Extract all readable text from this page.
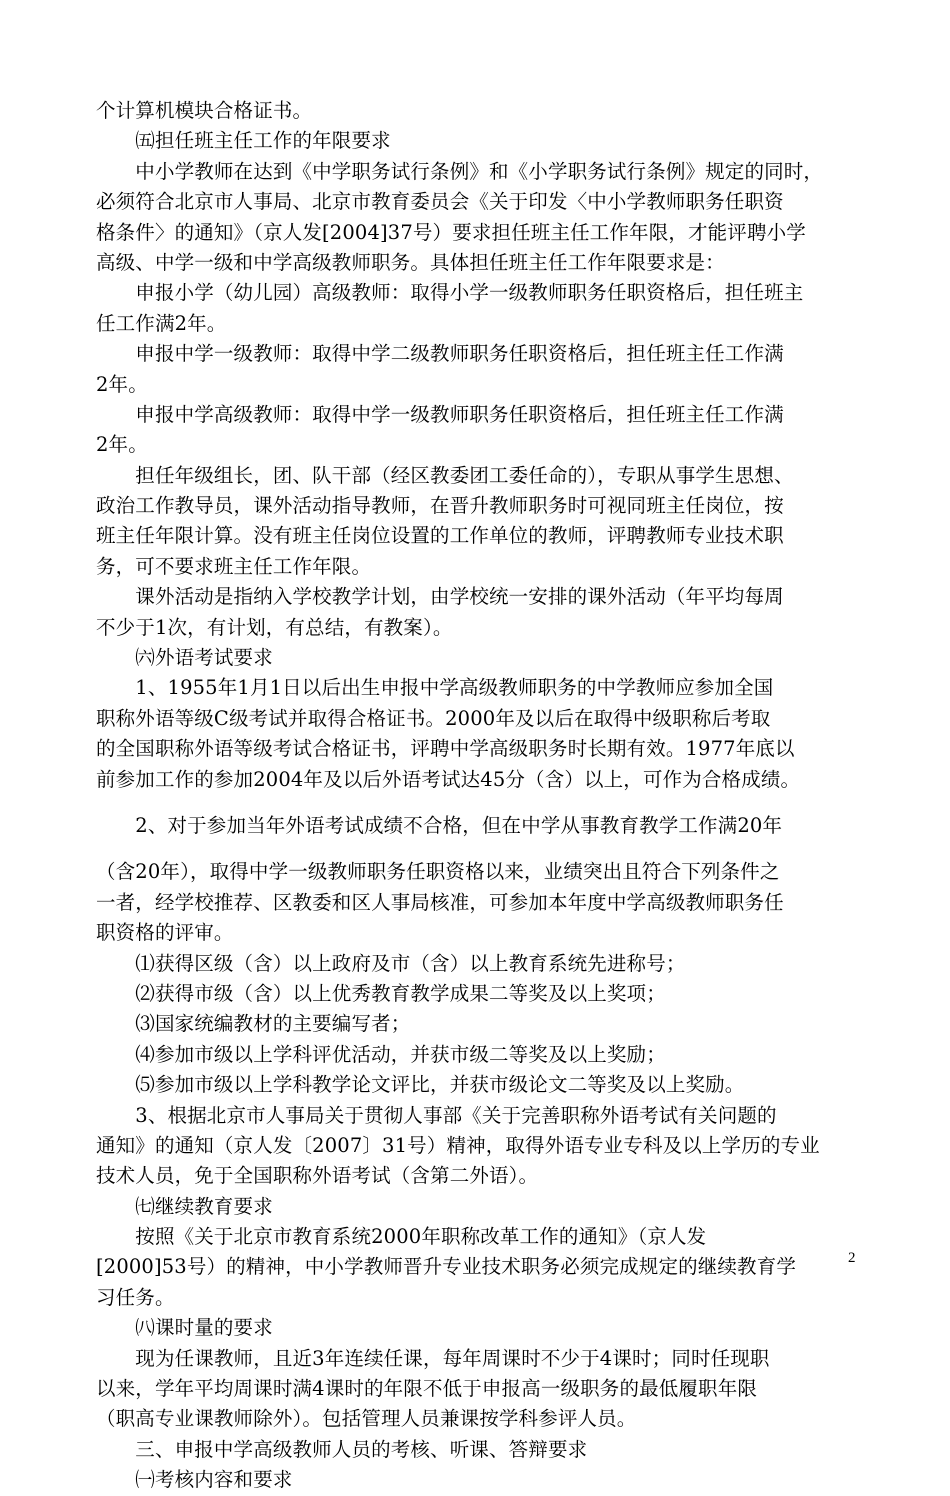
个计算机模块合格证书。
　　㈤担任班主任工作的年限要求
　　中小学教师在达到《中学职务试行条例》和《小学职务试行条例》规定的同时，
必须符合北京市人事局、北京市教育委员会《关于印发〈中小学教师职务任职资
格条件〉的通知》（京人发[2004]37号）要求担任班主任工作年限，才能评聘小学
高级、中学一级和中学高级教师职务。具体担任班主任工作年限要求是：
　　申报小学（幼儿园）高级教师：取得小学一级教师职务任职资格后，担任班主
任工作满2年。
　　申报中学一级教师：取得中学二级教师职务任职资格后，担任班主任工作满
2年。
　　申报中学高级教师：取得中学一级教师职务任职资格后，担任班主任工作满
2年。
　　担任年级组长，团、队干部（经区教委团工委任命的），专职从事学生思想、
政治工作教导员，课外活动指导教师，在晋升教师职务时可视同班主任岗位，按
班主任年限计算。没有班主任岗位设置的工作单位的教师，评聘教师专业技术职
务，可不要求班主任工作年限。
　　课外活动是指纳入学校教学计划，由学校统一安排的课外活动（年平均每周
不少于1次，有计划，有总结，有教案）。
　　㈥外语考试要求
　　1、1955年1月1日以后出生申报中学高级教师职务的中学教师应参加全国
职称外语等级C级考试并取得合格证书。2000年及以后在取得中级职称后考取
的全国职称外语等级考试合格证书，评聘中学高级职务时长期有效。1977年底以
前参加工作的参加2004年及以后外语考试达45分（含）以上，可作为合格成绩。
　　2、对于参加当年外语考试成绩不合格，但在中学从事教育教学工作满20年
（含20年），取得中学一级教师职务任职资格以来，业绩突出且符合下列条件之
一者，经学校推荐、区教委和区人事局核准，可参加本年度中学高级教师职务任
职资格的评审。
　　⑴获得区级（含）以上政府及市（含）以上教育系统先进称号；
　　⑵获得市级（含）以上优秀教育教学成果二等奖及以上奖项；
　　⑶国家统编教材的主要编写者；
　　⑷参加市级以上学科评优活动，并获市级二等奖及以上奖励；
　　⑸参加市级以上学科教学论文评比，并获市级论文二等奖及以上奖励。
　　3、根据北京市人事局关于贯彻人事部《关于完善职称外语考试有关问题的
通知》的通知（京人发〔2007〕31号）精神，取得外语专业专科及以上学历的专业
技术人员，免于全国职称外语考试（含第二外语）。
　　㈦继续教育要求
　　按照《关于北京市教育系统2000年职称改革工作的通知》（京人发
[2000]53号）的精神，中小学教师晋升专业技术职务必须完成规定的继续教育学
习任务。
　　㈧课时量的要求
　　现为任课教师，且近3年连续任课，每年周课时不少于4课时；同时任现职
以来，学年平均周课时满4课时的年限不低于申报高一级职务的最低履职年限
（职高专业课教师除外）。包括管理人员兼课按学科参评人员。
　　三、申报中学高级教师人员的考核、听课、答辩要求
　　㈠考核内容和要求
2
